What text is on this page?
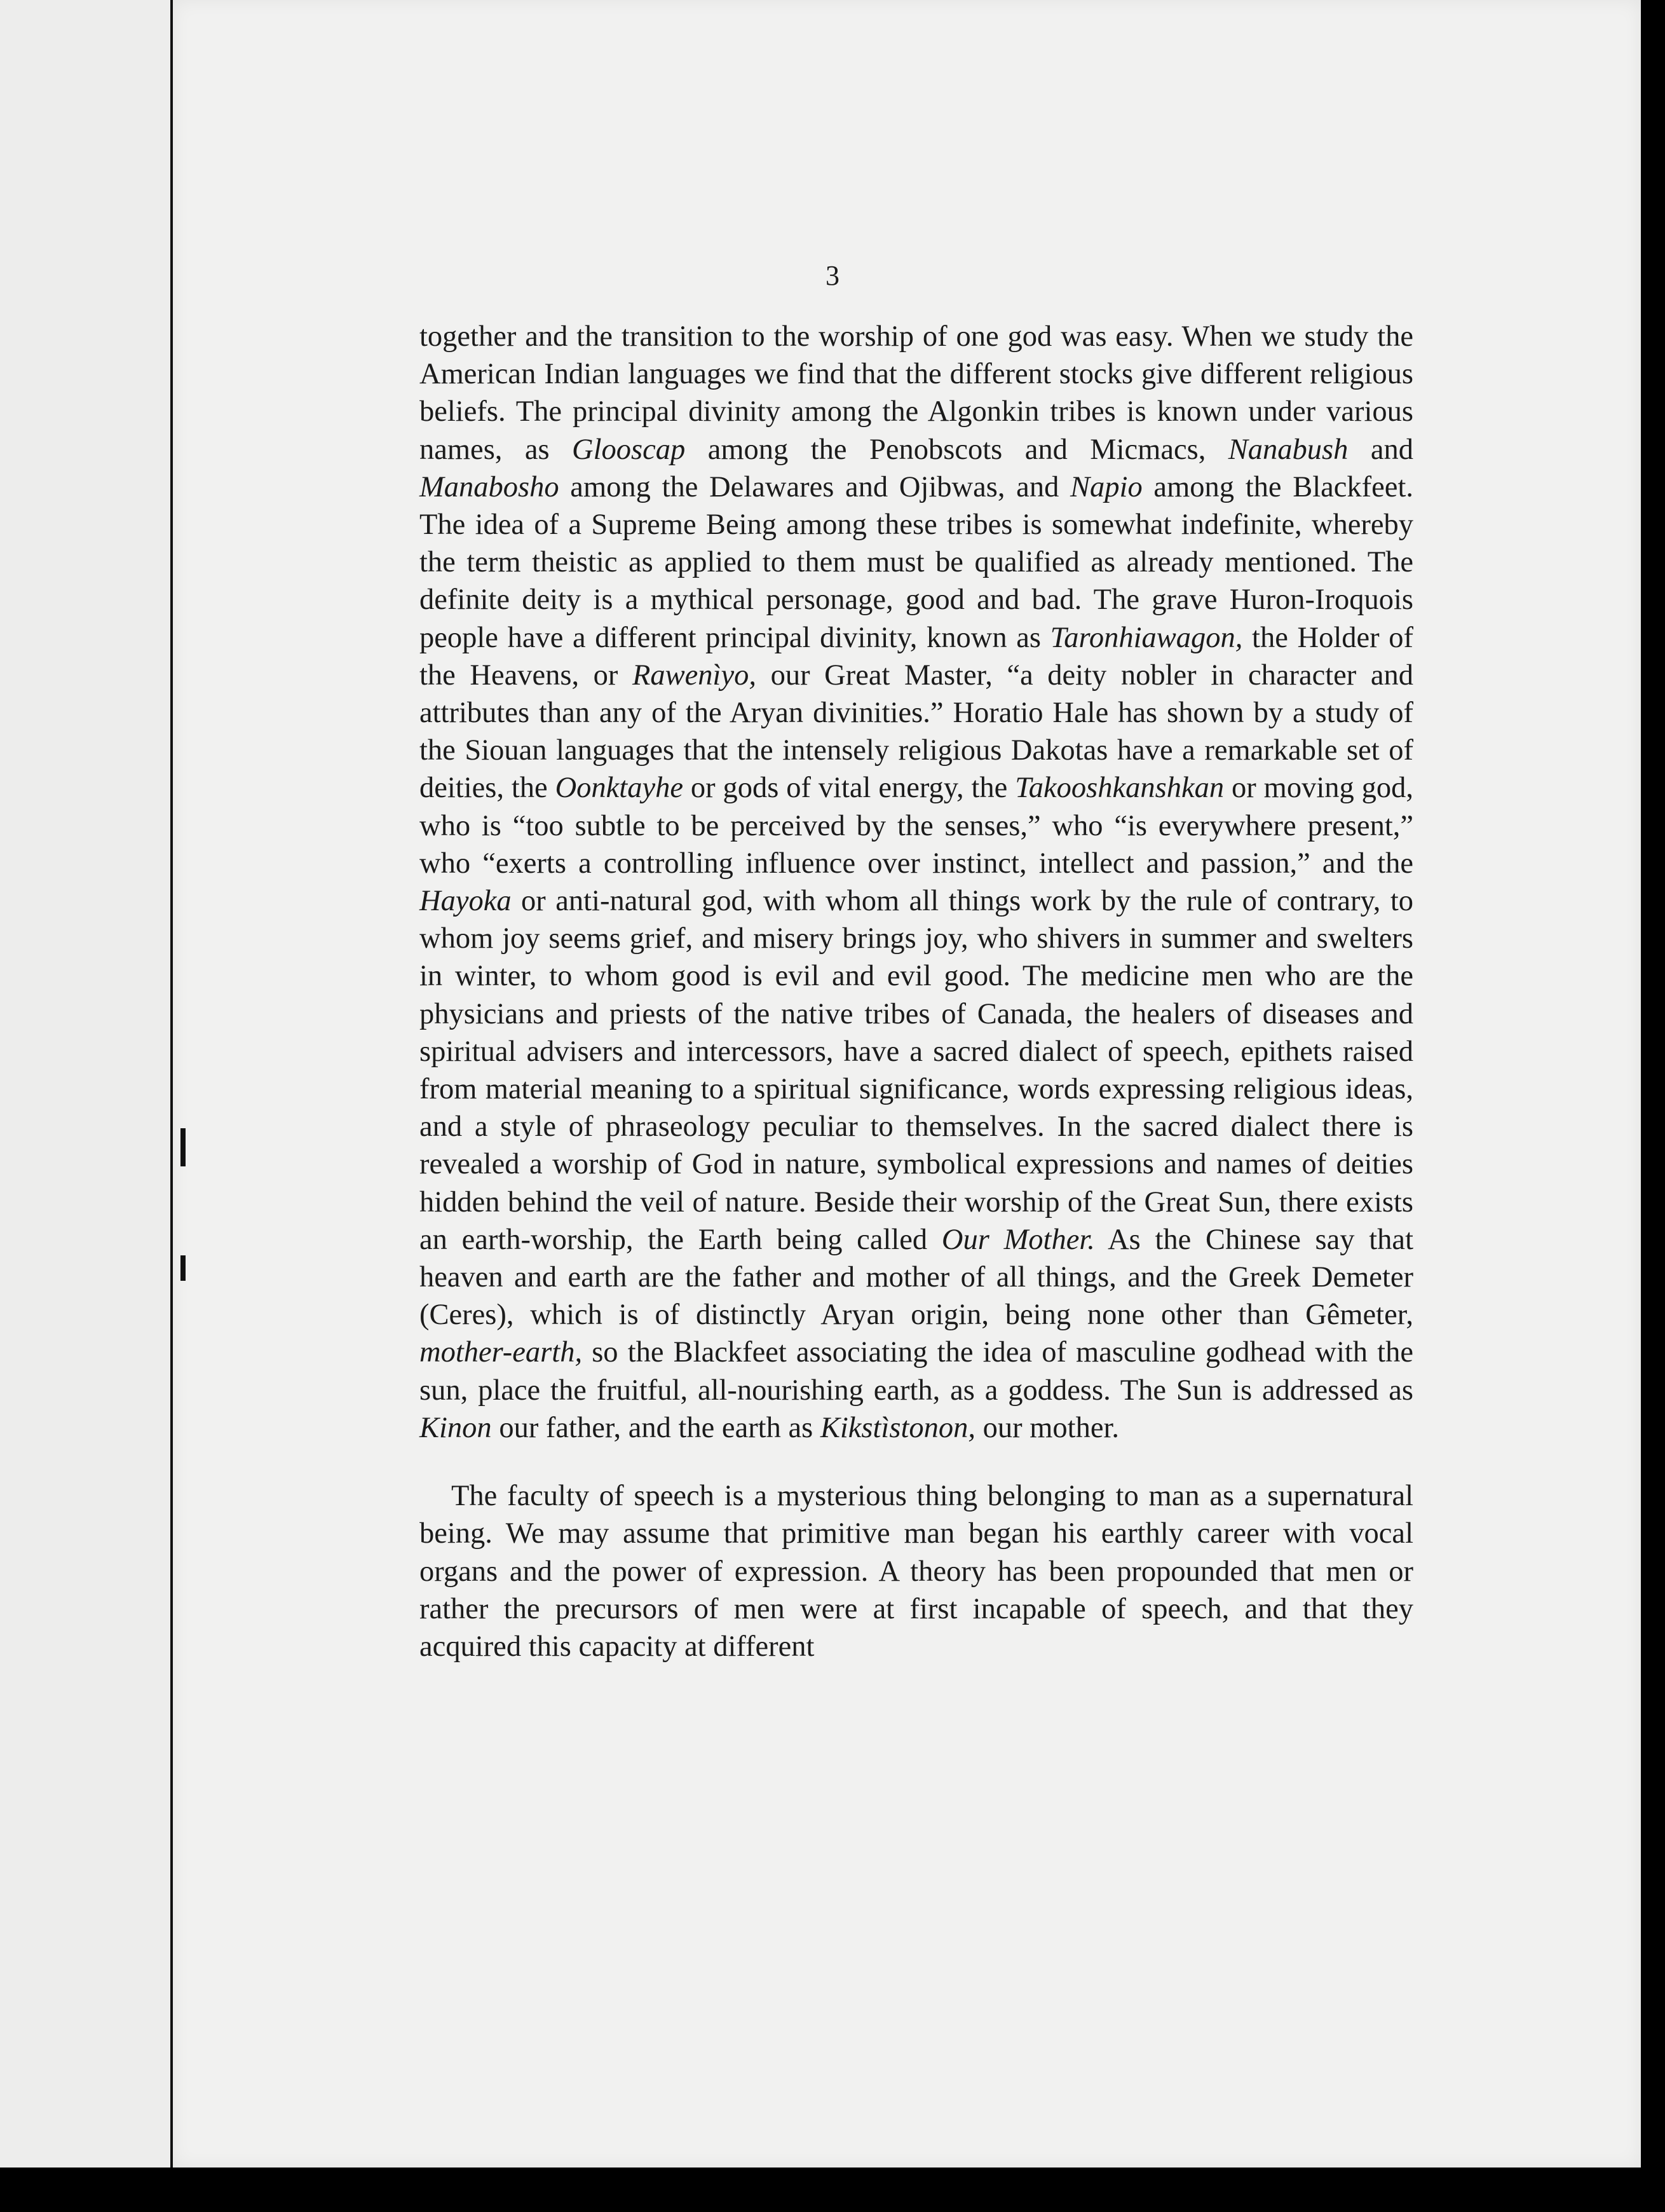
3

together and the transition to the worship of one god was easy. When we study the American Indian languages we find that the different stocks give different religious beliefs. The principal divinity among the Algonkin tribes is known under various names, as Glooscap among the Penobscots and Micmacs, Nanabush and Manabosho among the Delawares and Ojibwas, and Napio among the Blackfeet. The idea of a Supreme Being among these tribes is somewhat indefinite, whereby the term theistic as applied to them must be qualified as already mentioned. The definite deity is a mythical personage, good and bad. The grave Huron-Iroquois people have a different principal divinity, known as Taronhiawagon, the Holder of the Heavens, or Rawenìyo, our Great Master, “a deity nobler in character and attributes than any of the Aryan divinities.” Horatio Hale has shown by a study of the Siouan languages that the intensely religious Dakotas have a remarkable set of deities, the Oonktayhe or gods of vital energy, the Takooshkanshkan or moving god, who is “too subtle to be perceived by the senses,” who “is everywhere present,” who “exerts a controlling influence over instinct, intellect and passion,” and the Hayoka or anti-natural god, with whom all things work by the rule of contrary, to whom joy seems grief, and misery brings joy, who shivers in summer and swelters in winter, to whom good is evil and evil good. The medicine men who are the physicians and priests of the native tribes of Canada, the healers of diseases and spiritual advisers and intercessors, have a sacred dialect of speech, epithets raised from material meaning to a spiritual significance, words expressing religious ideas, and a style of phraseology peculiar to themselves. In the sacred dialect there is revealed a worship of God in nature, symbolical expressions and names of deities hidden behind the veil of nature. Beside their worship of the Great Sun, there exists an earth-worship, the Earth being called Our Mother. As the Chinese say that heaven and earth are the father and mother of all things, and the Greek Demeter (Ceres), which is of distinctly Aryan origin, being none other than Gêmeter, mother-earth, so the Blackfeet associating the idea of masculine godhead with the sun, place the fruitful, all-nourishing earth, as a goddess. The Sun is addressed as Kinon our father, and the earth as Kikstìstonon, our mother.

The faculty of speech is a mysterious thing belonging to man as a supernatural being. We may assume that primitive man began his earthly career with vocal organs and the power of expression. A theory has been propounded that men or rather the precursors of men were at first incapable of speech, and that they acquired this capacity at different
